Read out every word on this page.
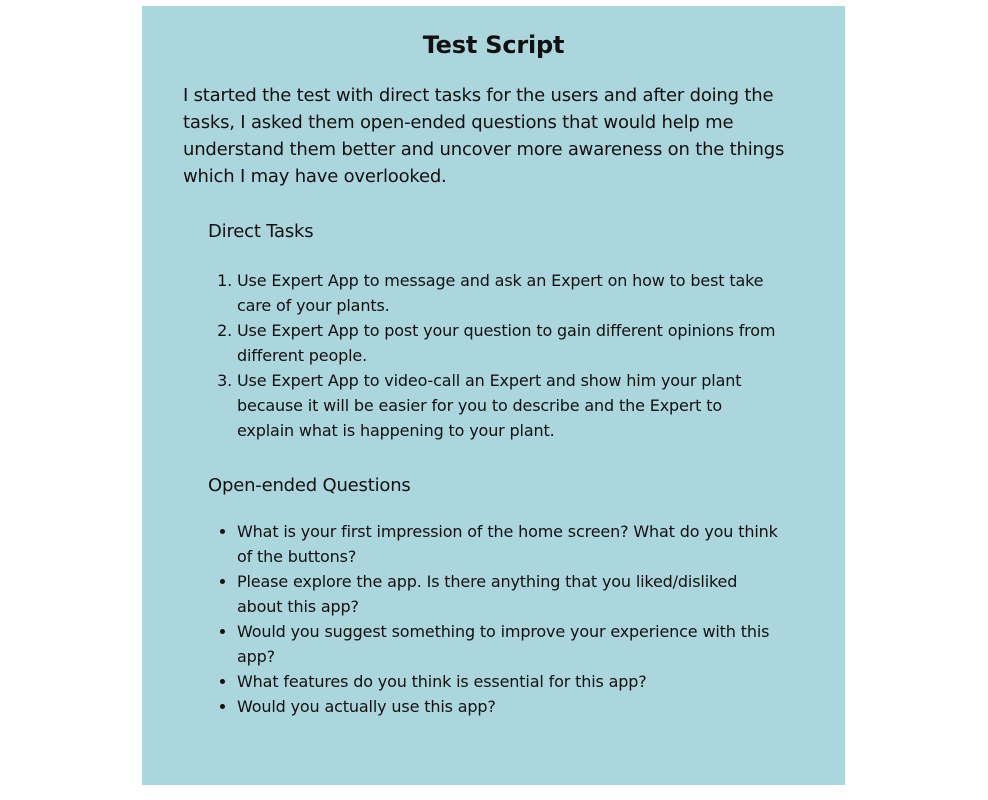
Test Script

I started the test with direct tasks for the users and after doing the tasks, I asked them open-ended questions that would help me understand them better and uncover more awareness on the things which I may have overlooked.

Direct Tasks
1. Use Expert App to message and ask an Expert on how to best take care of your plants.
2. Use Expert App to post your question to gain different opinions from different people.
3. Use Expert App to video-call an Expert and show him your plant because it will be easier for you to describe and the Expert to explain what is happening to your plant.
Open-ended Questions
• What is your first impression of the home screen? What do you think of the buttons?
• Please explore the app. Is there anything that you liked/disliked about this app?
• Would you suggest something to improve your experience with this app?
• What features do you think is essential for this app?
• Would you actually use this app?
